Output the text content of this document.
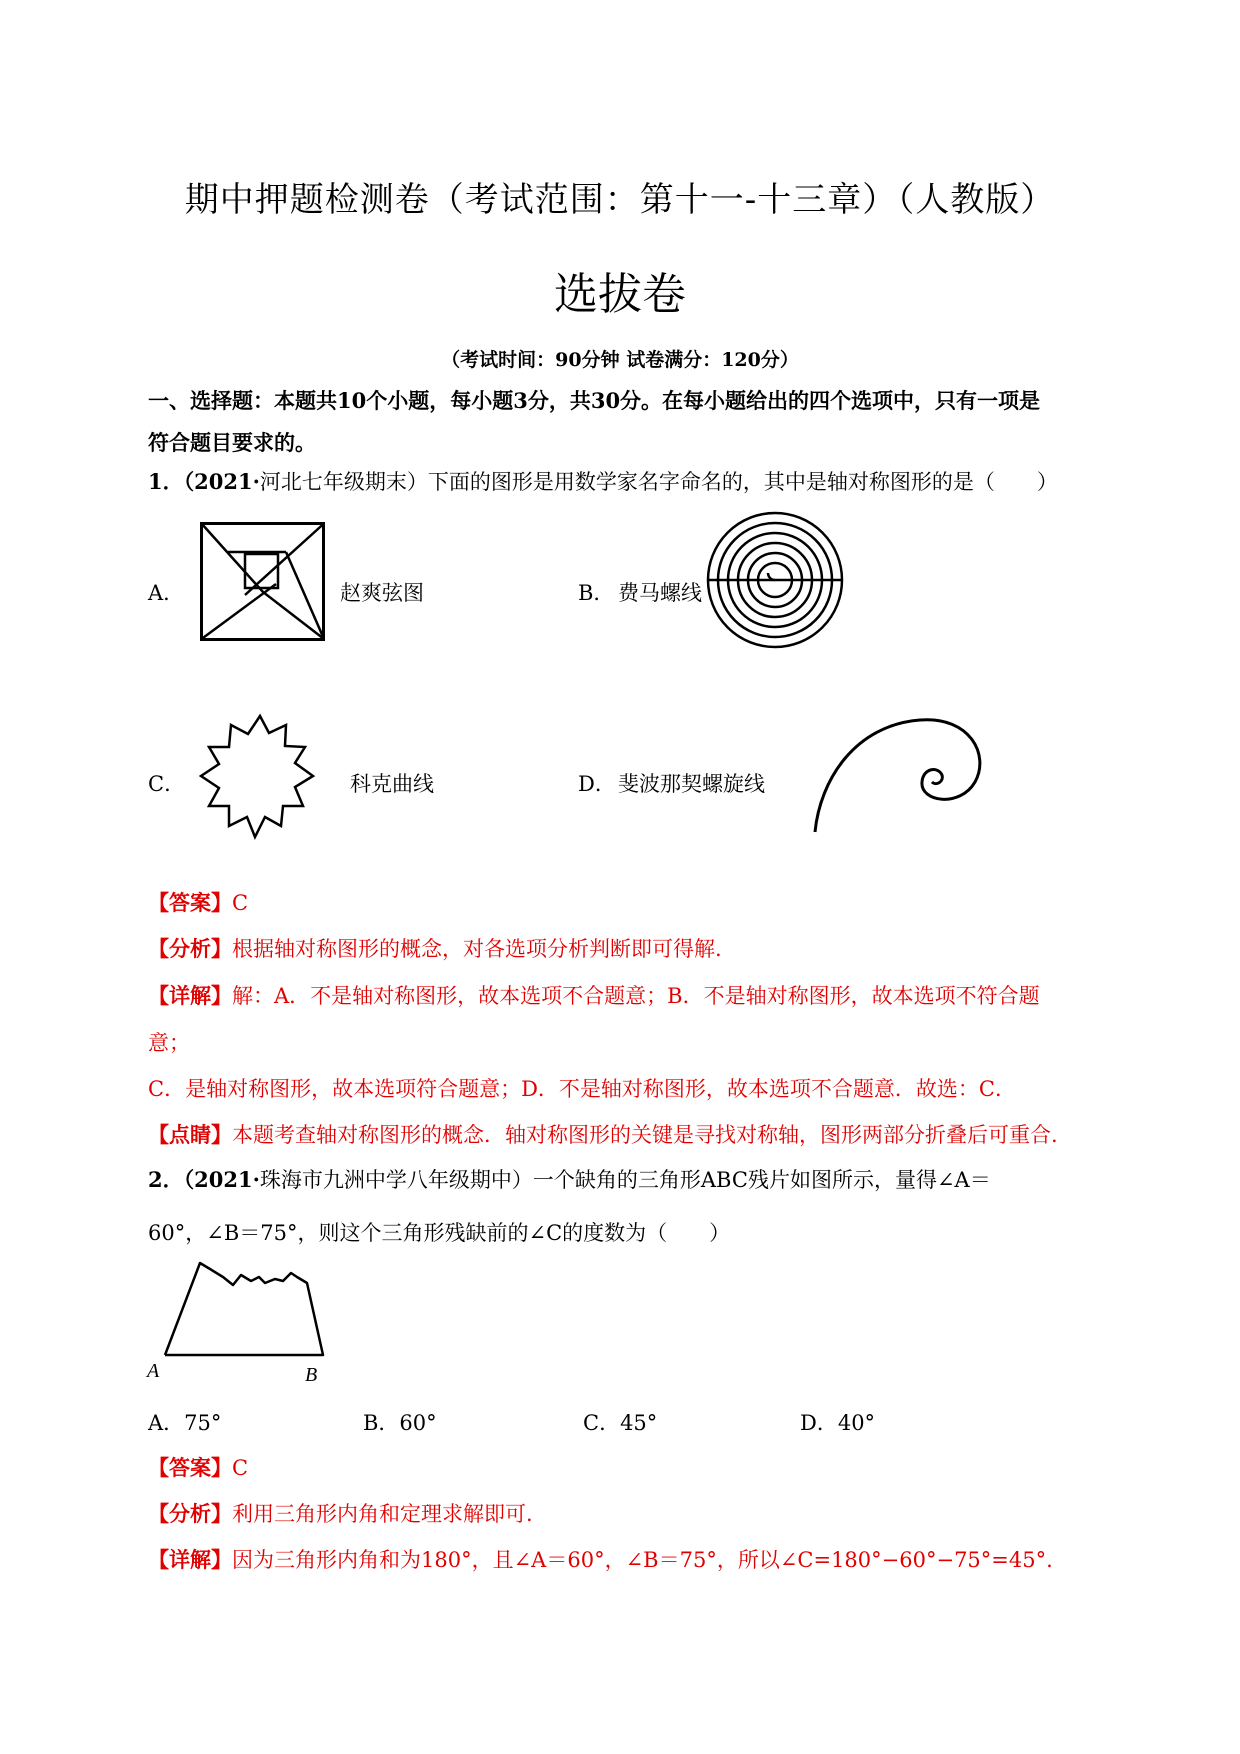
期中押题检测卷（考试范围：第十一-十三章）（人教版）
选拔卷
（考试时间：90分钟 试卷满分：120分）
一、选择题：本题共10个小题，每小题3分，共30分。在每小题给出的四个选项中，只有一项是
符合题目要求的。
1．（2021·河北七年级期末）下面的图形是用数学家名字命名的，其中是轴对称图形的是（　　）
A．	赵爽弦图	B． 费马螺线
C．	科克曲线	D． 斐波那契螺旋线
【答案】C
【分析】根据轴对称图形的概念，对各选项分析判断即可得解.
【详解】解：A．不是轴对称图形，故本选项不合题意；B．不是轴对称图形，故本选项不符合题
意；
C．是轴对称图形，故本选项符合题意；D．不是轴对称图形，故本选项不合题意．故选：C．
【点睛】本题考查轴对称图形的概念．轴对称图形的关键是寻找对称轴，图形两部分折叠后可重合.
2．（2021·珠海市九洲中学八年级期中）一个缺角的三角形ABC残片如图所示，量得∠A＝
60°，∠B＝75°，则这个三角形残缺前的∠C的度数为（　　）
A	B
A．75°	B．60°	C．45°	D．40°
【答案】C
【分析】利用三角形内角和定理求解即可.
【详解】因为三角形内角和为180°，且∠A＝60°，∠B＝75°，所以∠C=180°−60°−75°=45°.
